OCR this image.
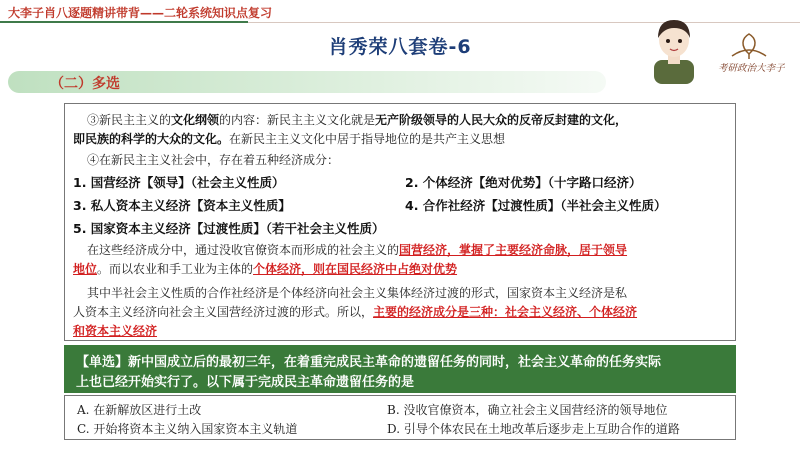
大李子肖八逐题精讲带背——二轮系统知识点复习
肖秀荣八套卷-6
（二）多选
考研政治大李子
③新民主主义的文化纲领的内容：新民主主义文化就是无产阶级领导的人民大众的反帝反封建的文化，
即民族的科学的大众的文化。在新民主主义文化中居于指导地位的是共产主义思想
④在新民主主义社会中，存在着五种经济成分：
1. 国营经济【领导】（社会主义性质）	2. 个体经济【绝对优势】（十字路口经济）
3. 私人资本主义经济【资本主义性质】	4. 合作社经济【过渡性质】（半社会主义性质）
5. 国家资本主义经济【过渡性质】（若干社会主义性质）
在这些经济成分中，通过没收官僚资本而形成的社会主义的国营经济，掌握了主要经济命脉，居于领导
地位。而以农业和手工业为主体的个体经济，则在国民经济中占绝对优势
其中半社会主义性质的合作社经济是个体经济向社会主义集体经济过渡的形式，国家资本主义经济是私
人资本主义经济向社会主义国营经济过渡的形式。所以，主要的经济成分是三种：社会主义经济、个体经济
和资本主义经济
【单选】新中国成立后的最初三年，在着重完成民主革命的遗留任务的同时，社会主义革命的任务实际
上也已经开始实行了。以下属于完成民主革命遗留任务的是
A. 在新解放区进行土改	B. 没收官僚资本，确立社会主义国营经济的领导地位
C. 开始将资本主义纳入国家资本主义轨道	D. 引导个体农民在土地改革后逐步走上互助合作的道路
